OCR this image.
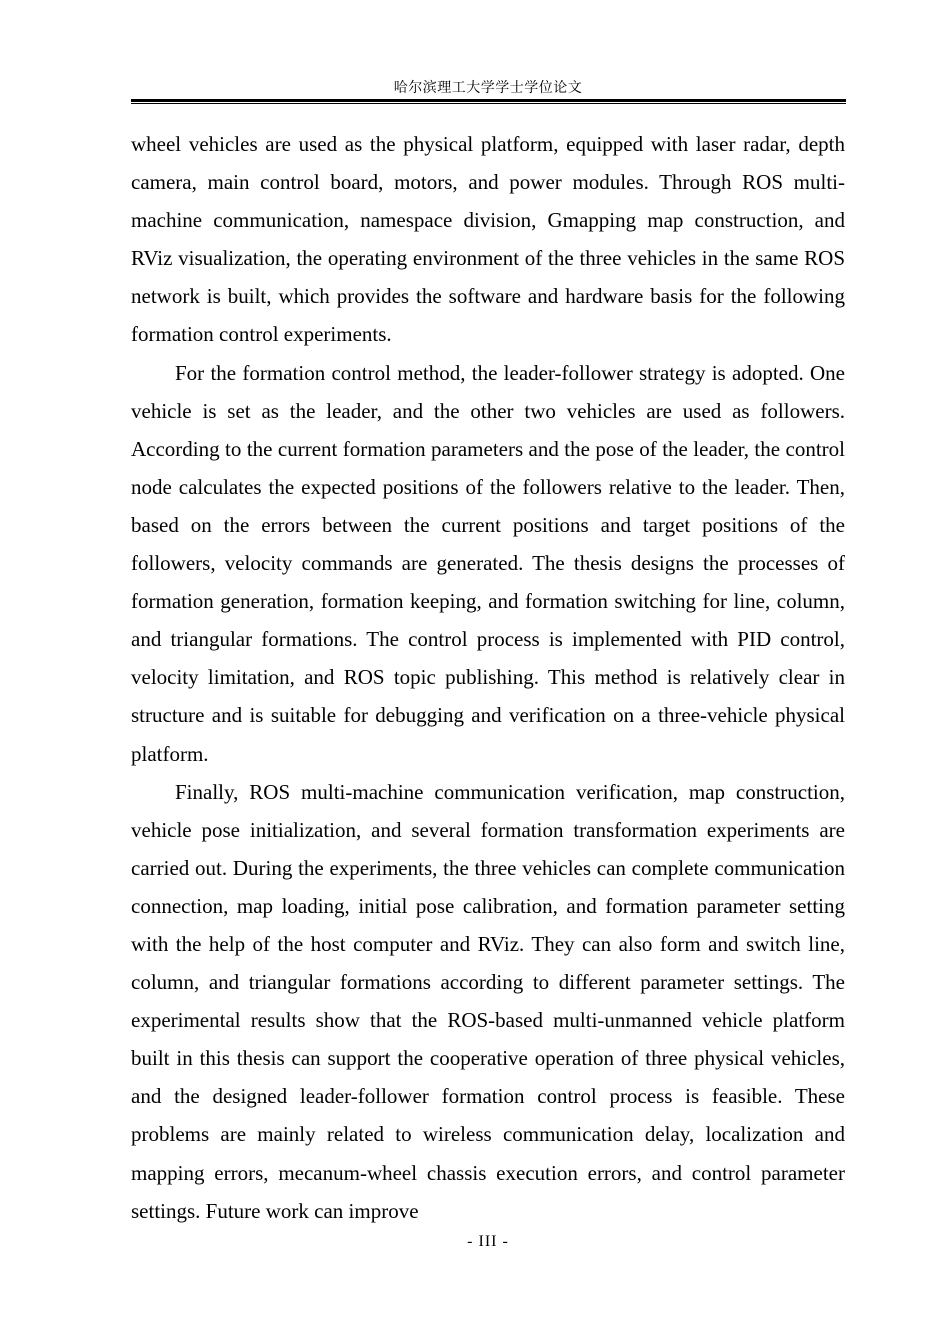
哈尔滨理工大学学士学位论文

wheel vehicles are used as the physical platform, equipped with laser radar, depth camera, main control board, motors, and power modules. Through ROS multi-machine communication, namespace division, Gmapping map construction, and RViz visualization, the operating environment of the three vehicles in the same ROS network is built, which provides the software and hardware basis for the following formation control experiments.

For the formation control method, the leader-follower strategy is adopted. One vehicle is set as the leader, and the other two vehicles are used as followers. According to the current formation parameters and the pose of the leader, the control node calculates the expected positions of the followers relative to the leader. Then, based on the errors between the current positions and target positions of the followers, velocity commands are generated. The thesis designs the processes of formation generation, formation keeping, and formation switching for line, column, and triangular formations. The control process is implemented with PID control, velocity limitation, and ROS topic publishing. This method is relatively clear in structure and is suitable for debugging and verification on a three-vehicle physical platform.

Finally, ROS multi-machine communication verification, map construction, vehicle pose initialization, and several formation transformation experiments are carried out. During the experiments, the three vehicles can complete communication connection, map loading, initial pose calibration, and formation parameter setting with the help of the host computer and RViz. They can also form and switch line, column, and triangular formations according to different parameter settings. The experimental results show that the ROS-based multi-unmanned vehicle platform built in this thesis can support the cooperative operation of three physical vehicles, and the designed leader-follower formation control process is feasible. These problems are mainly related to wireless communication delay, localization and mapping errors, mecanum-wheel chassis execution errors, and control parameter settings. Future work can improve

- III -
